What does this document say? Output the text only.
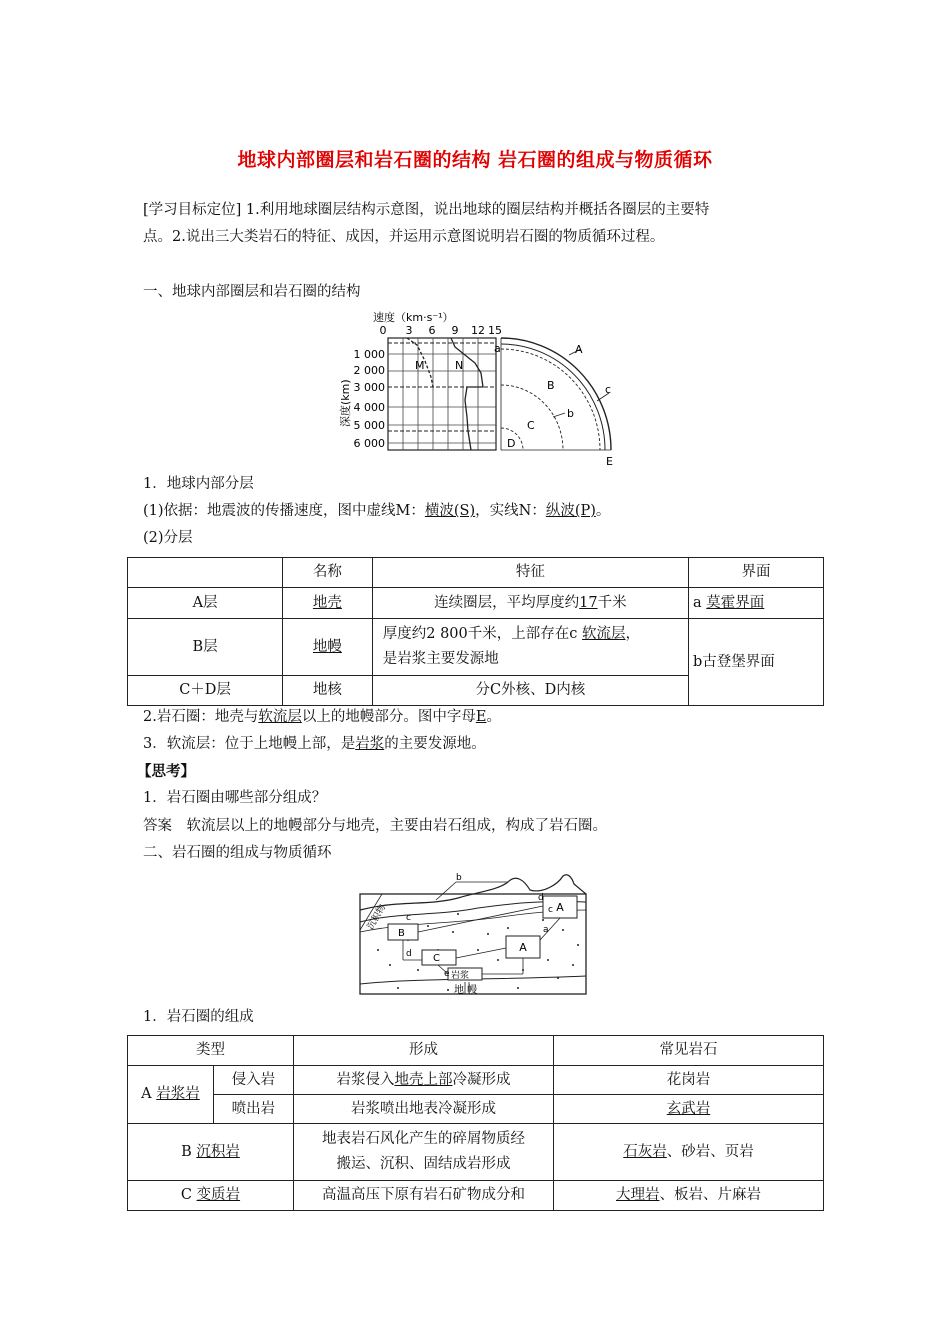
地球内部圈层和岩石圈的结构 岩石圈的组成与物质循环
[学习目标定位] 1.利用地球圈层结构示意图，说出地球的圈层结构并概括各圈层的主要特
点。2.说出三大类岩石的特征、成因，并运用示意图说明岩石圈的物质循环过程。
一、地球内部圈层和岩石圈的结构
速度（km·s⁻¹）
0 3 6 9 12 15
深度(km)
1 000
2 000
3 000
4 000
5 000
6 000
M	N
a	A
B	c
b
C
D
E
1．地球内部分层
(1)依据：地震波的传播速度，图中虚线M：横波(S)，实线N：纵波(P)。
(2)分层
	名称	特征	界面
A层	地壳	连续圈层，平均厚度约17千米	a 莫霍界面
B层	地幔	厚度约2 800千米，上部存在c 软流层，
是岩浆主要发源地	b古登堡界面
C＋D层	地核	分C外核、D内核	
2.岩石圈：地壳与软流层以上的地幔部分。图中字母E。
3．软流层：位于上地幔上部，是岩浆的主要发源地。
【思考】
1．岩石圈由哪些部分组成？
答案　软流层以上的地幔部分与地壳，主要由岩石组成，构成了岩石圈。
二、岩石圈的组成与物质循环
A
A
B
C
岩浆
b
c
d
a
c
d
e
沉积物
地 幔
1．岩石圈的组成
类型		形成	常见岩石
A 岩浆岩	侵入岩	岩浆侵入地壳上部冷凝形成	花岗岩
	喷出岩	岩浆喷出地表冷凝形成	玄武岩
B 沉积岩		地表岩石风化产生的碎屑物质经
搬运、沉积、固结成岩形成	石灰岩、砂岩、页岩
C 变质岩		高温高压下原有岩石矿物成分和	大理岩、板岩、片麻岩
